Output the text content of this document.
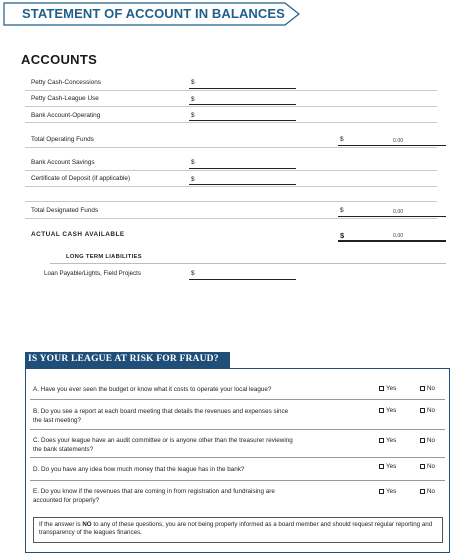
STATEMENT OF ACCOUNT IN BALANCES
ACCOUNTS
Petty Cash-Concessions	$
Petty Cash-League Use	$
Bank Account-Operating	$
Total Operating Funds	$	0.00
Bank Account Savings	$
Certificate of Deposit (if applicable)	$
Total Designated Funds	$	0.00
ACTUAL CASH AVAILABLE	$	0.00
LONG TERM LIABILITIES
Loan Payable/Lights, Field Projects	$
IS YOUR LEAGUE AT RISK FOR FRAUD?
A. Have you ever seen the budget or know what it costs to operate your local league?	Yes	No
B. Do you see a report at each board meeting that details the revenues and expenses since the last meeting?
Yes	No
C. Does your league have an audit committee or is anyone other than the treasurer reviewing the bank statements?
Yes	No
D. Do you have any idea how much money that the league has in the bank?	Yes	No
E. Do you know if the revenues that are coming in from registration and fundraising are accounted for properly?
Yes	No
If the answer is NO to any of these questions, you are not being properly informed as a board member and should request regular reporting and transparency of the leagues finances.
